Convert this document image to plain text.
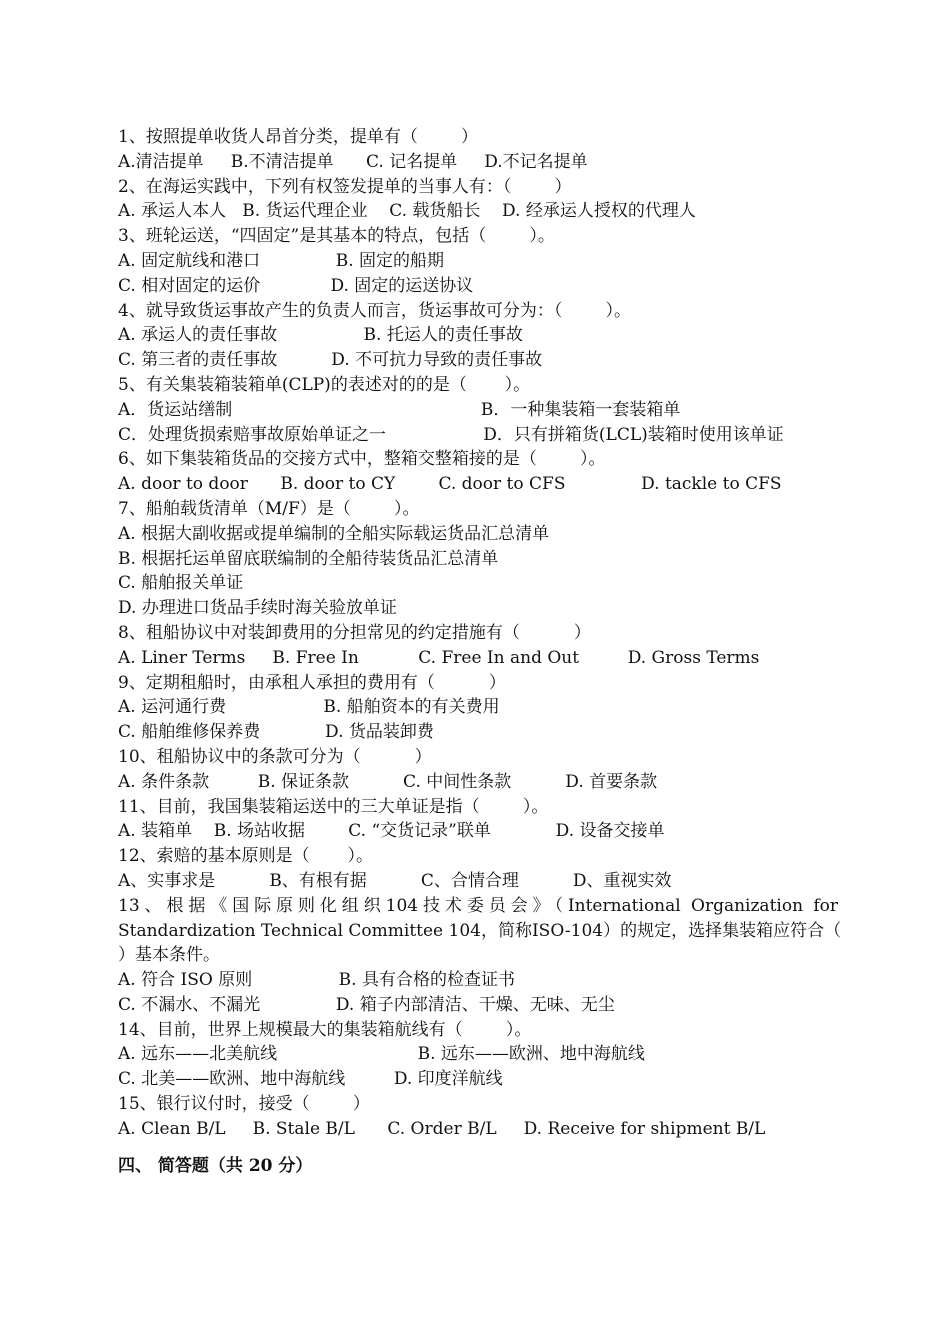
1、按照提单收货人昂首分类，提单有（        ）
A.清洁提单     B.不清洁提单      C. 记名提单     D.不记名提单
2、在海运实践中，下列有权签发提单的当事人有：（        ）
A. 承运人本人   B. 货运代理企业    C. 载货船长    D. 经承运人授权的代理人
3、班轮运送，“四固定”是其基本的特点，包括（        ）。
A. 固定航线和港口              B. 固定的船期
C. 相对固定的运价             D. 固定的运送协议
4、就导致货运事故产生的负责人而言，货运事故可分为：（        ）。
A. 承运人的责任事故                B. 托运人的责任事故
C. 第三者的责任事故          D. 不可抗力导致的责任事故
5、有关集装箱装箱单(CLP)的表述对的的是（       ）。
A．货运站缮制                                              B．一种集装箱一套装箱单
C．处理货损索赔事故原始单证之一                  D．只有拼箱货(LCL)装箱时使用该单证
6、如下集装箱货品的交接方式中，整箱交整箱接的是（        ）。
A. door to door      B. door to CY        C. door to CFS              D. tackle to CFS
7、船舶载货清单（M/F）是（        ）。
A. 根据大副收据或提单编制的全船实际载运货品汇总清单
B. 根据托运单留底联编制的全船待装货品汇总清单
C. 船舶报关单证
D. 办理进口货品手续时海关验放单证
8、租船协议中对装卸费用的分担常见的约定措施有（          ）
A. Liner Terms     B. Free In           C. Free In and Out         D. Gross Terms
9、定期租船时，由承租人承担的费用有（          ）
A. 运河通行费                  B. 船舶资本的有关费用
C. 船舶维修保养费            D. 货品装卸费
10、租船协议中的条款可分为（          ）
A. 条件条款         B. 保证条款          C. 中间性条款          D. 首要条款
11、目前，我国集装箱运送中的三大单证是指（        ）。
A. 装箱单    B. 场站收据        C. “交货记录”联单            D. 设备交接单
12、索赔的基本原则是（       ）。
A、实事求是          B、有根有据          C、合情合理          D、重视实效
13、根据《国际原则化组织104技术委员会》（International Organization for
Standardization Technical Committee 104，简称ISO-104）的规定，选择集装箱应符合（
）基本条件。
A. 符合 ISO 原则                B. 具有合格的检查证书
C. 不漏水、不漏光              D. 箱子内部清洁、干燥、无味、无尘
14、目前，世界上规模最大的集装箱航线有（        ）。
A. 远东——北美航线                          B. 远东——欧洲、地中海航线
C. 北美——欧洲、地中海航线         D. 印度洋航线
15、银行议付时，接受（        ）
A. Clean B/L     B. Stale B/L      C. Order B/L     D. Receive for shipment B/L
四、 简答题（共 20 分）
